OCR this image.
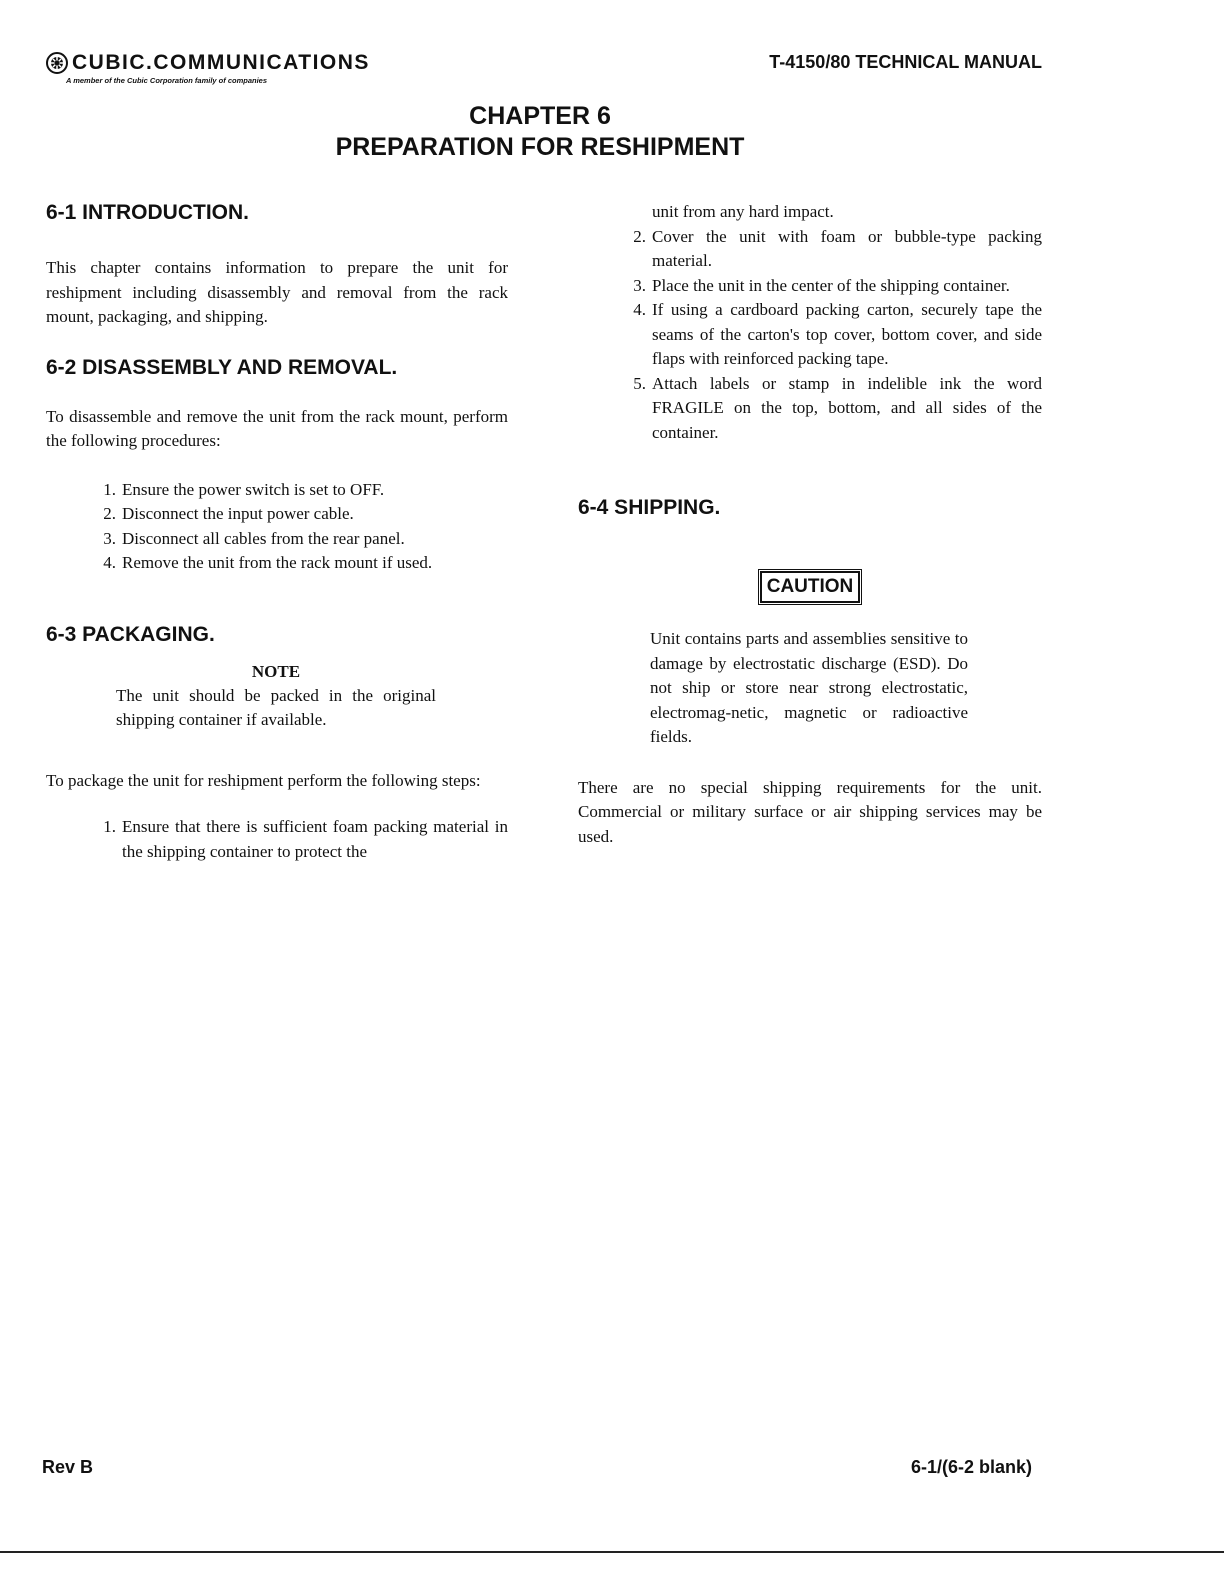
CUBIC.COMMUNICATIONS
A member of the Cubic Corporation family of companies
T-4150/80 TECHNICAL MANUAL
CHAPTER 6
PREPARATION FOR RESHIPMENT
6-1 INTRODUCTION.

This chapter contains information to prepare the unit for reshipment including disassembly and removal from the rack mount, packaging, and shipping.

6-2 DISASSEMBLY AND REMOVAL.

To disassemble and remove the unit from the rack mount, perform the following procedures:

1. Ensure the power switch is set to OFF.
2. Disconnect the input power cable.
3. Disconnect all cables from the rear panel.
4. Remove the unit from the rack mount if used.
6-3 PACKAGING.
NOTE
The unit should be packed in the original shipping container if available.

To package the unit for reshipment perform the following steps:

1. Ensure that there is sufficient foam packing material in the shipping container to protect the
unit from any hard impact.
2. Cover the unit with foam or bubble-type packing material.
3. Place the unit in the center of the shipping container.
4. If using a cardboard packing carton, securely tape the seams of the carton's top cover, bottom cover, and side flaps with reinforced packing tape.
5. Attach labels or stamp in indelible ink the word FRAGILE on the top, bottom, and all sides of the container.
6-4 SHIPPING.
CAUTION
Unit contains parts and assemblies sensitive to damage by electrostatic discharge (ESD). Do not ship or store near strong electrostatic, electromag-netic, magnetic or radioactive fields.

There are no special shipping requirements for the unit. Commercial or military surface or air shipping services may be used.

Rev B	6-1/(6-2 blank)
